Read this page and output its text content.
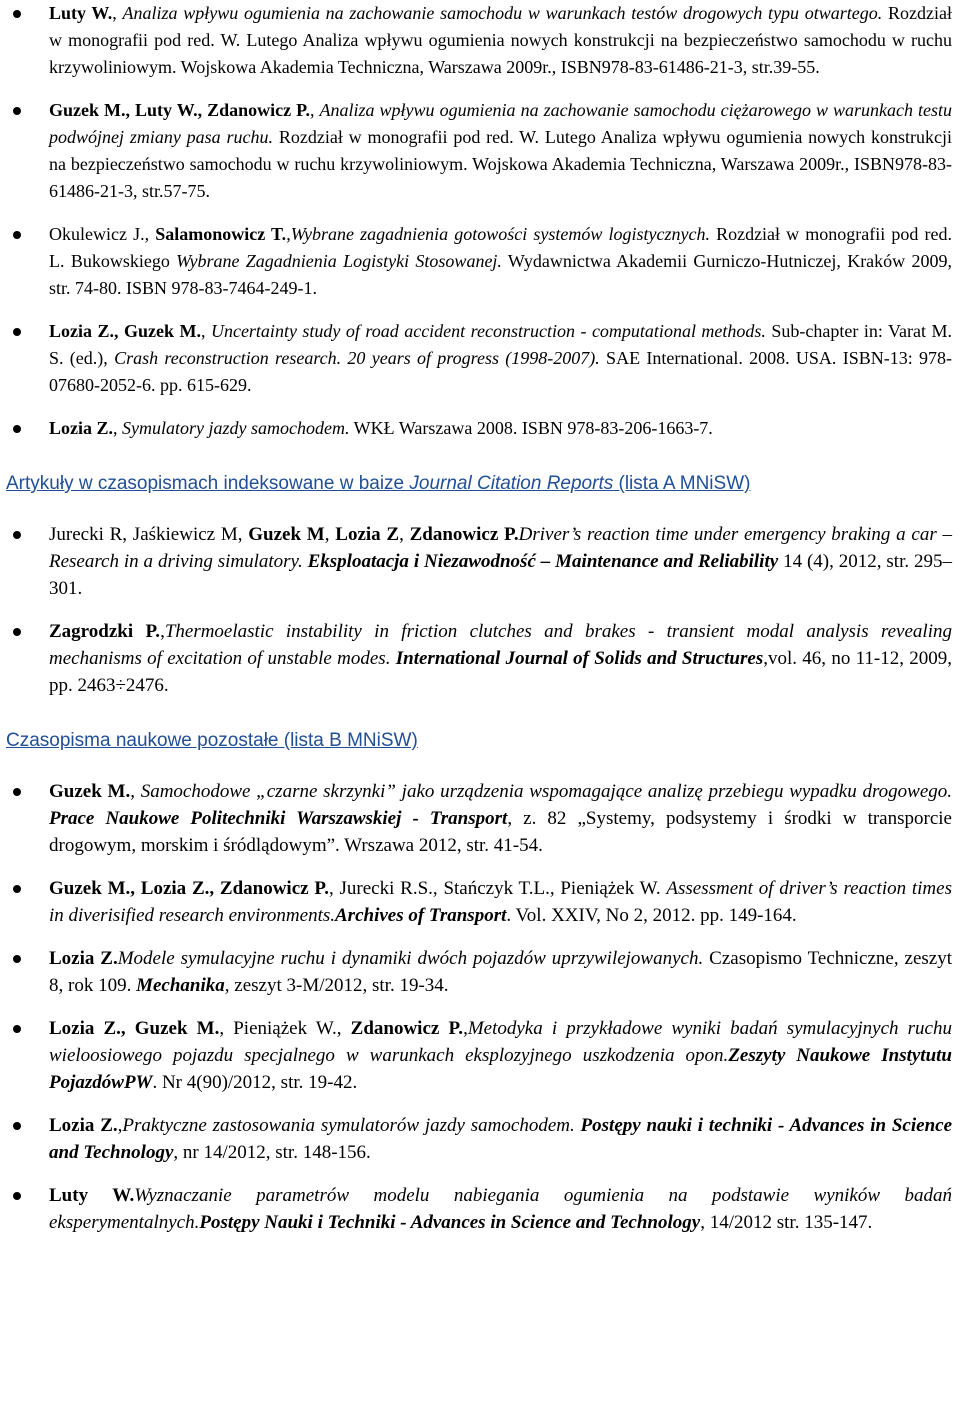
Luty W., Analiza wpływu ogumienia na zachowanie samochodu w warunkach testów drogowych typu otwartego. Rozdział w monografii pod red. W. Lutego Analiza wpływu ogumienia nowych konstrukcji na bezpieczeństwo samochodu w ruchu krzywoliniowym. Wojskowa Akademia Techniczna, Warszawa 2009r., ISBN978-83-61486-21-3, str.39-55.
Guzek M., Luty W., Zdanowicz P., Analiza wpływu ogumienia na zachowanie samochodu ciężarowego w warunkach testu podwójnej zmiany pasa ruchu. Rozdział w monografii pod red. W. Lutego Analiza wpływu ogumienia nowych konstrukcji na bezpieczeństwo samochodu w ruchu krzywoliniowym. Wojskowa Akademia Techniczna, Warszawa 2009r., ISBN978-83-61486-21-3, str.57-75.
Okulewicz J., Salamonowicz T.,Wybrane zagadnienia gotowości systemów logistycznych. Rozdział w monografii pod red. L. Bukowskiego Wybrane Zagadnienia Logistyki Stosowanej. Wydawnictwa Akademii Gurniczo-Hutniczej, Kraków 2009, str. 74-80. ISBN 978-83-7464-249-1.
Lozia Z., Guzek M., Uncertainty study of road accident reconstruction - computational methods. Sub-chapter in: Varat M. S. (ed.), Crash reconstruction research. 20 years of progress (1998-2007). SAE International. 2008. USA. ISBN-13: 978-07680-2052-6. pp. 615-629.
Lozia Z., Symulatory jazdy samochodem. WKŁ Warszawa 2008. ISBN 978-83-206-1663-7.
Artykuły w czasopismach indeksowane w baize Journal Citation Reports (lista A MNiSW)
Jurecki R, Jaśkiewicz M, Guzek M, Lozia Z, Zdanowicz P.Driver’s reaction time under emergency braking a car – Research in a driving simulatory. Eksploatacja i Niezawodność – Maintenance and Reliability 14 (4), 2012, str. 295–301.
Zagrodzki P.,Thermoelastic instability in friction clutches and brakes - transient modal analysis revealing mechanisms of excitation of unstable modes. International Journal of Solids and Structures,vol. 46, no 11-12, 2009, pp. 2463÷2476.
Czasopisma naukowe pozostałe (lista B MNiSW)
Guzek M., Samochodowe „czarne skrzynki” jako urządzenia wspomagające analizę przebiegu wypadku drogowego. Prace Naukowe Politechniki Warszawskiej - Transport, z. 82 „Systemy, podsystemy i środki w transporcie drogowym, morskim i śródlądowym”. Wrszawa 2012, str. 41-54.
Guzek M., Lozia Z., Zdanowicz P., Jurecki R.S., Stańczyk T.L., Pieniążek W. Assessment of driver’s reaction times in diverisified research environments.Archives of Transport. Vol. XXIV, No 2, 2012. pp. 149-164.
Lozia Z.Modele symulacyjne ruchu i dynamiki dwóch pojazdów uprzywilejowanych. Czasopismo Techniczne, zeszyt 8, rok 109. Mechanika, zeszyt 3-M/2012, str. 19-34.
Lozia Z., Guzek M., Pieniążek W., Zdanowicz P.,Metodyka i przykładowe wyniki badań symulacyjnych ruchu wieloosiowego pojazdu specjalnego w warunkach eksplozyjnego uszkodzenia opon.Zeszyty Naukowe Instytutu PojazdówPW. Nr 4(90)/2012, str. 19-42.
Lozia Z.,Praktyczne zastosowania symulatorów jazdy samochodem. Postępy nauki i techniki - Advances in Science and Technology, nr 14/2012, str. 148-156.
Luty W.Wyznaczanie parametrów modelu nabiegania ogumienia na podstawie wyników badań eksperymentalnych.Postępy Nauki i Techniki - Advances in Science and Technology, 14/2012 str. 135-147.
